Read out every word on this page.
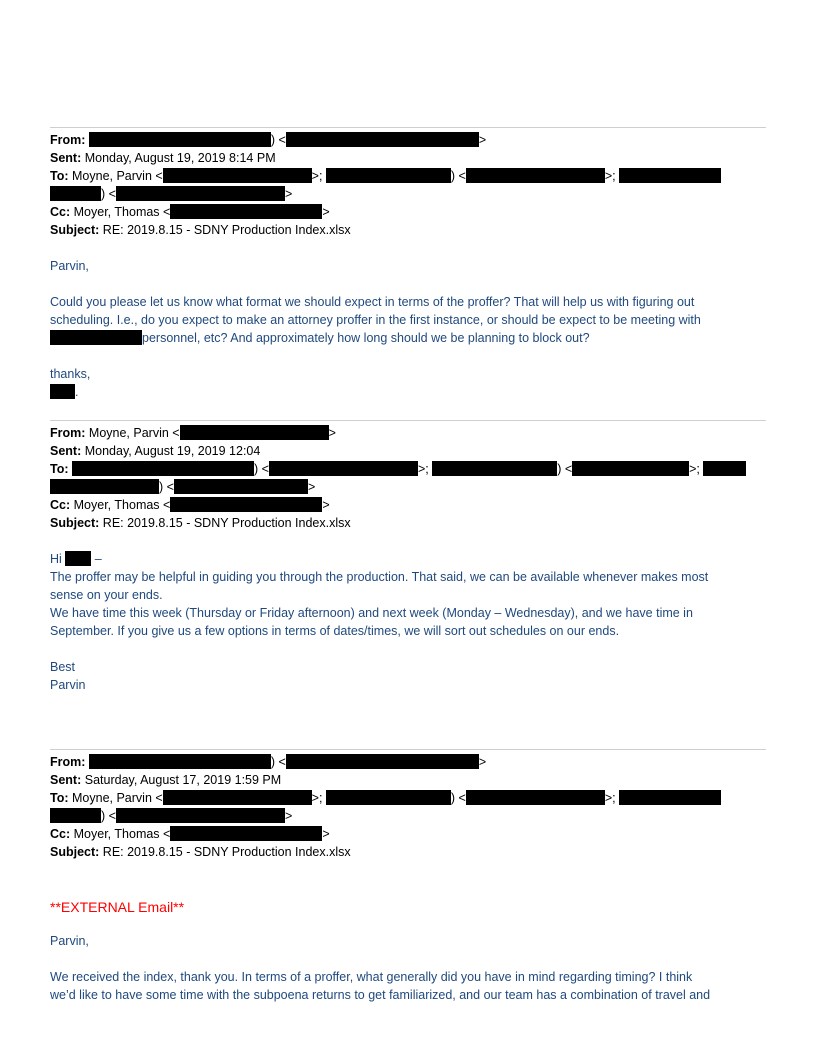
From:	) <	>
Sent: Monday, August 19, 2019 8:14 PM
To: Moyne, Parvin <	>;	) <	>;
) <	>
Cc: Moyer, Thomas <	>
Subject: RE: 2019.8.15 - SDNY Production Index.xlsx
Parvin,
Could you please let us know what format we should expect in terms of the proffer? That will help us with figuring out
scheduling. I.e., do you expect to make an attorney proffer in the first instance, or should be expect to be meeting with
personnel, etc? And approximately how long should we be planning to block out?
thanks,
.
From: Moyne, Parvin <	>
Sent: Monday, August 19, 2019 12:04
To:	) <	>;	) <	>;
) <	>
Cc: Moyer, Thomas <	>
Subject: RE: 2019.8.15 - SDNY Production Index.xlsx
Hi	–
The proffer may be helpful in guiding you through the production. That said, we can be available whenever makes most
sense on your ends.
We have time this week (Thursday or Friday afternoon) and next week (Monday – Wednesday), and we have time in
September. If you give us a few options in terms of dates/times, we will sort out schedules on our ends.
Best
Parvin
From:	) <	>
Sent: Saturday, August 17, 2019 1:59 PM
To: Moyne, Parvin <	>;	) <	>;
) <	>
Cc: Moyer, Thomas <	>
Subject: RE: 2019.8.15 - SDNY Production Index.xlsx
**EXTERNAL Email**
Parvin,
We received the index, thank you. In terms of a proffer, what generally did you have in mind regarding timing? I think
we’d like to have some time with the subpoena returns to get familiarized, and our team has a combination of travel and
